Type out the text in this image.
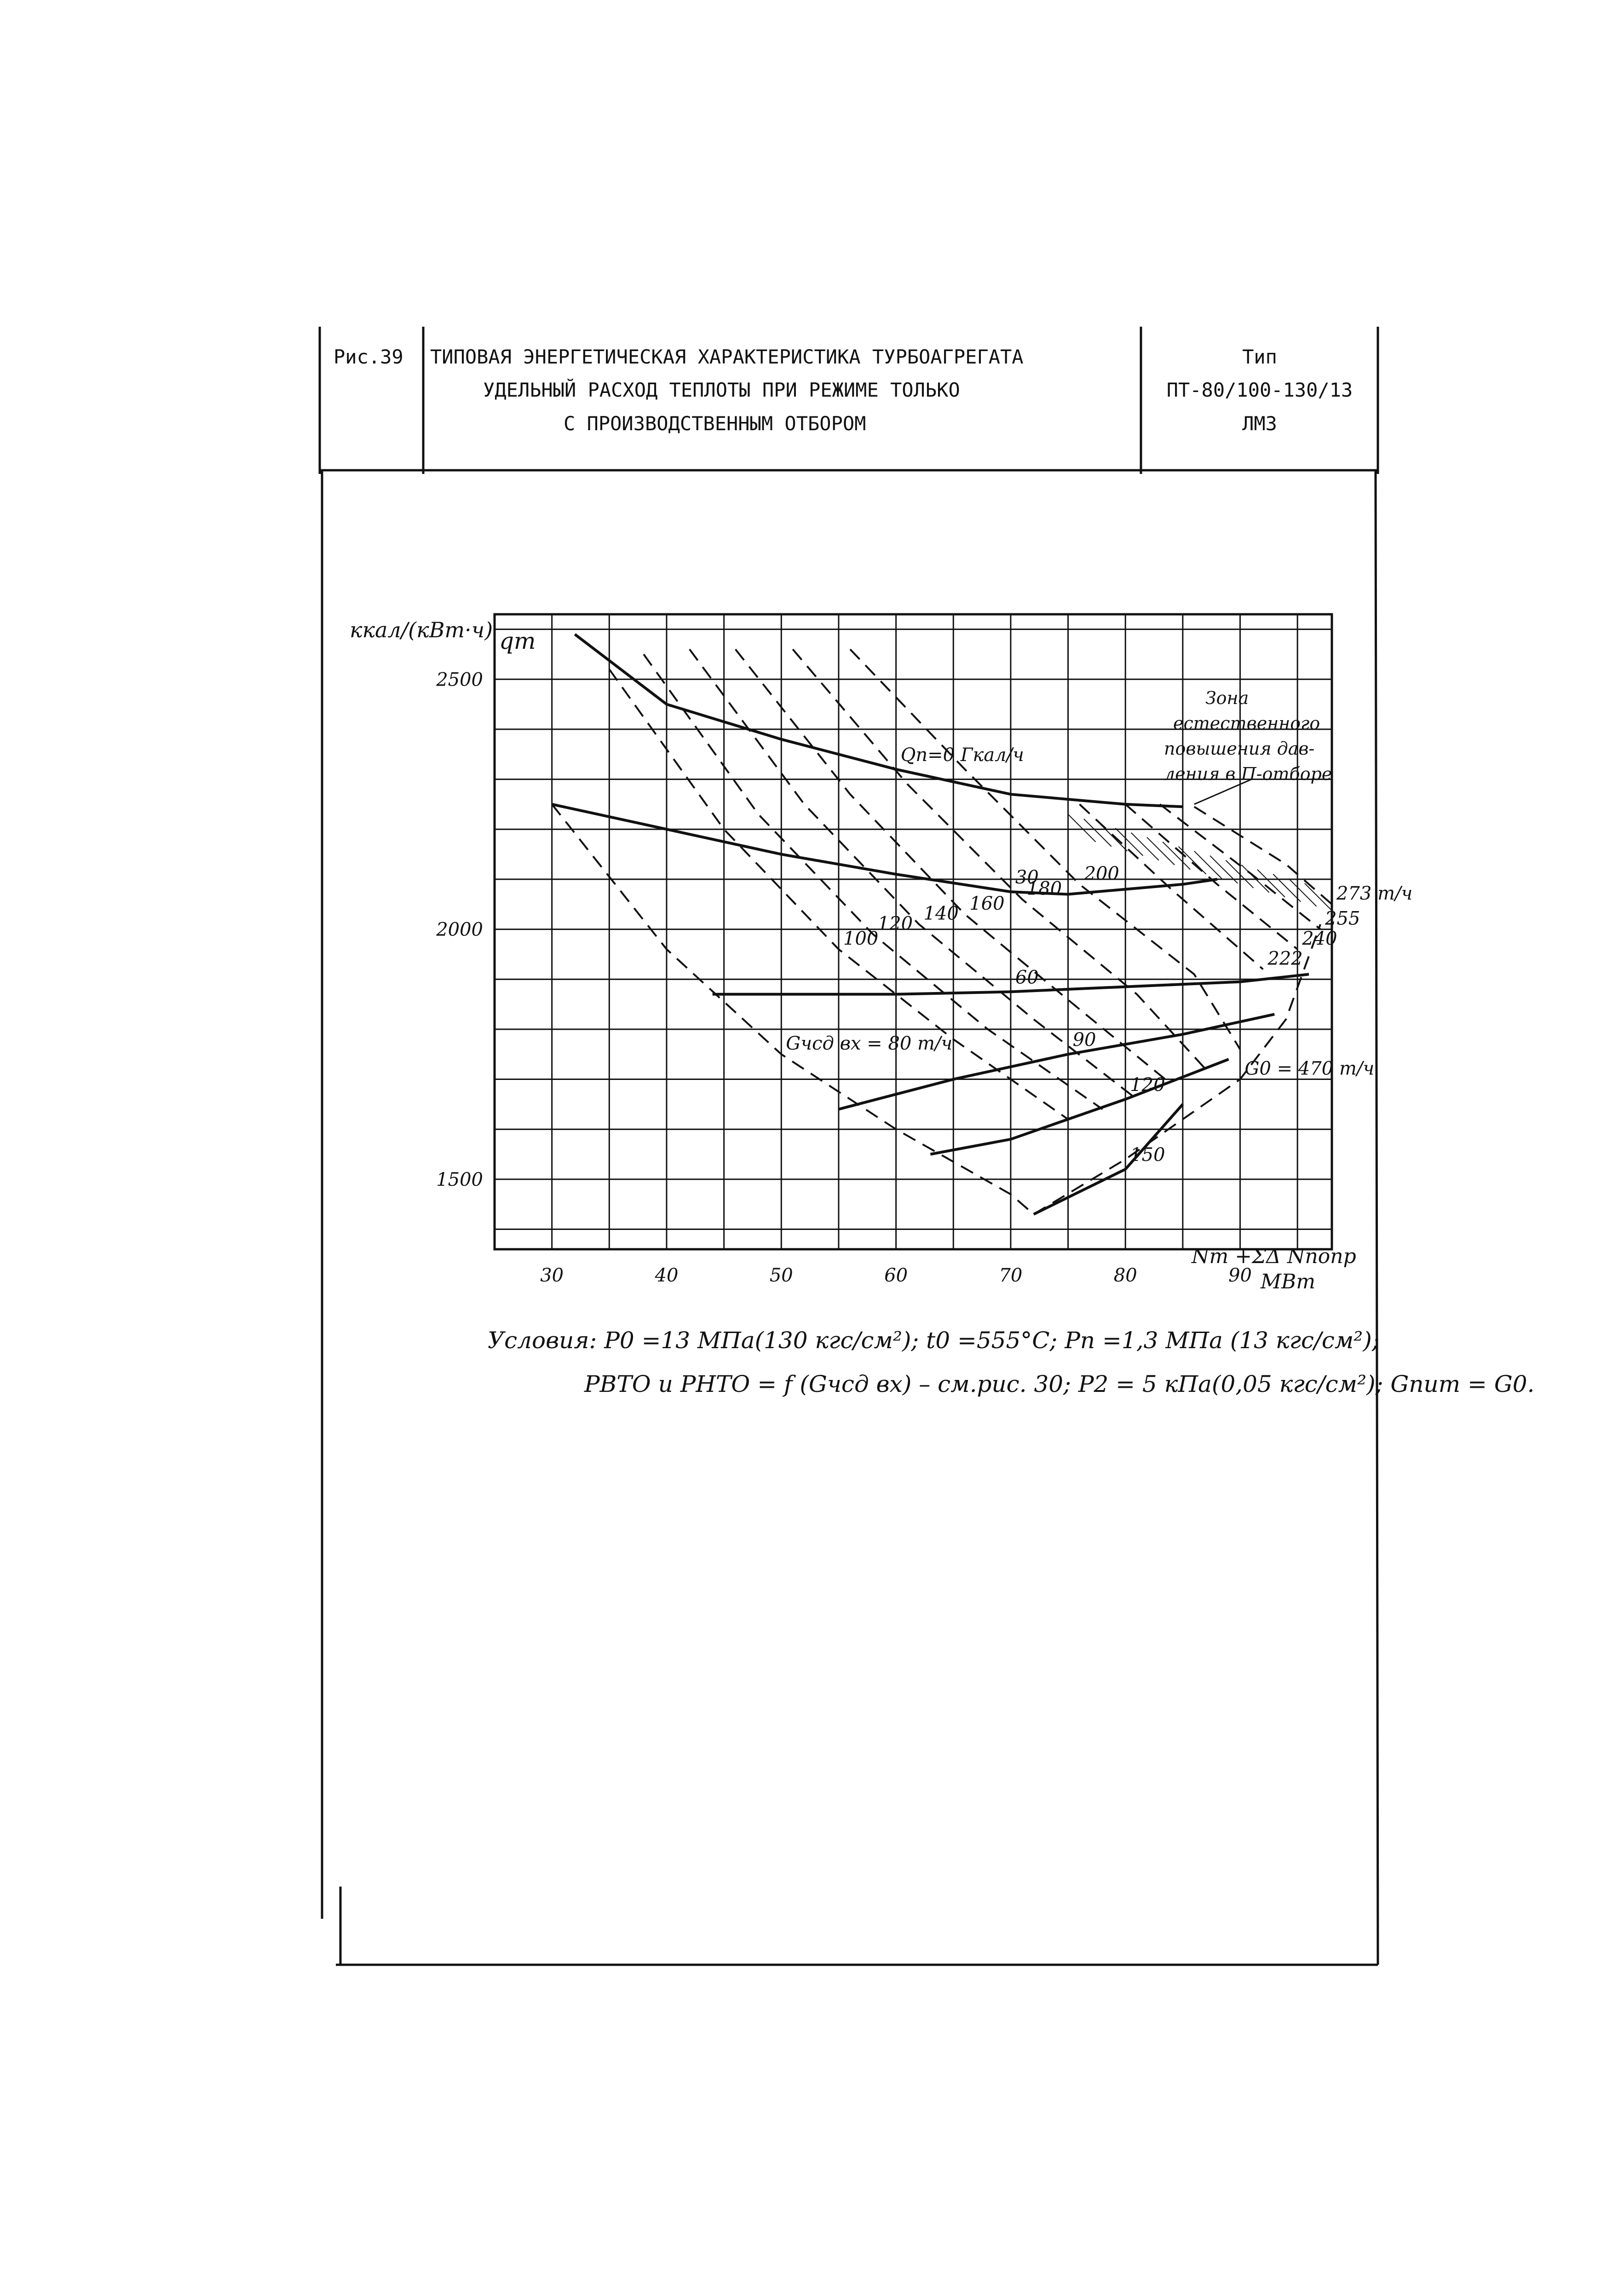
Рис.39 ТИПОВАЯ ЭНЕРГЕТИЧЕСКАЯ ХАРАКТЕРИСТИКА ТУРБОАГРЕГАТА
УДЕЛЬНЫЙ РАСХОД ТЕПЛОТЫ ПРИ РЕЖИМЕ ТОЛЬКО
С ПРОИЗВОДСТВЕННЫМ ОТБОРОМ
Тип
ПТ-80/100-130/13
ЛМЗ
30	40	50	60	70	80	90
1500
2000
2500
Gчсд вх = 80 т/ч
100
120 140 160
180
200
222
240
255
273 т/ч
G0 = 470 т/ч
Qп=0 Гкал/ч
30
60
90
120
150
ккал/(кВт·ч) qт
Nт +ΣΔ Nпопр
МВт
Зона
естественного
повышения дав-
ления в П-отборе
Условия: P0 =13 МПа(130 кгс/см²); t0 =555°С; Pп =1,3 МПа (13 кгс/см²);
PВТО и PНТО = f (Gчсд вх) – см.рис. 30; P2 = 5 кПа(0,05 кгс/см²); Gпит = G0.
